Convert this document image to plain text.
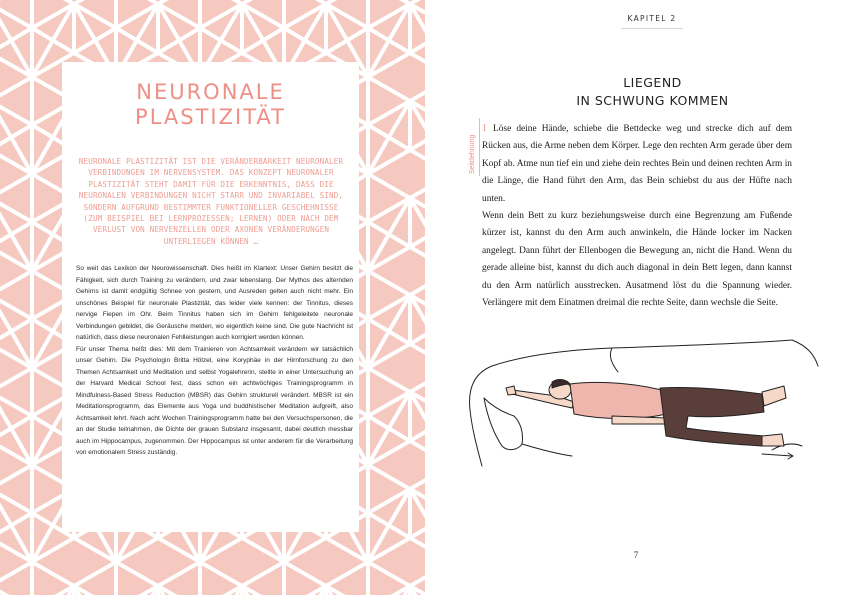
NEURONALE
PLASTIZITÄT
NEURONALE PLASTIZITÄT IST DIE VERÄNDERBARKEIT NEURONALER VERBINDUNGEN IM NERVENSYSTEM. DAS KONZEPT NEURONALER PLASTIZITÄT STEHT DAMIT FÜR DIE ERKENNTNIS, DASS DIE NEURONALEN VERBINDUNGEN NICHT STARR UND INVARIABEL SIND, SONDERN AUFGRUND BESTIMMTER FUNKTIONELLER GESCHEHNISSE (ZUM BEISPIEL BEI LERNPROZESSEN; LERNEN) ODER NACH DEM VERLUST VON NERVENZELLEN ODER AXONEN VERÄNDERUNGEN UNTERLIEGEN KÖNNEN …

So weit das Lexikon der Neurowissenschaft. Dies heißt im Klartext: Unser Gehirn besitzt die Fähigkeit, sich durch Training zu verändern, und zwar lebenslang. Der Mythos des alternden Gehirns ist damit endgültig Schnee von gestern, und Ausreden gelten auch nicht mehr. Ein unschönes Beispiel für neuronale Plastizität, das leider viele kennen: der Tinnitus, dieses nervige Fiepen im Ohr. Beim Tinnitus haben sich im Gehirn fehlgeleitete neuronale Verbindungen gebildet, die Geräusche melden, wo eigentlich keine sind. Die gute Nachricht ist natürlich, dass diese neuronalen Fehlleistungen auch korrigiert werden können.

Für unser Thema heißt dies: Mit dem Trainieren von Achtsamkeit verändern wir tatsächlich unser Gehirn. Die Psychologin Britta Hölzel, eine Koryphäe in der Hirnforschung zu den Themen Achtsamkeit und Meditation und selbst Yogalehrerin, stellte in einer Untersuchung an der Harvard Medical School fest, dass schon ein achtwöchiges Trainingsprogramm in Mindfulness-Based Stress Reduction (MBSR) das Gehirn strukturell verändert. MBSR ist ein Meditationsprogramm, das Elemente aus Yoga und buddhistischer Meditation aufgreift, also Achtsamkeit lehrt. Nach acht Wochen Trainingsprogramm hatte bei den Versuchspersonen, die an der Studie teilnahmen, die Dichte der grauen Substanz insgesamt, dabei deutlich messbar auch im Hippocampus, zugenommen. Der Hippocampus ist unter anderem für die Verarbeitung von emotionalem Stress zuständig.

KAPITEL 2
LIEGEND
IN SCHWUNG KOMMEN
Seitdehnung

1 Löse deine Hände, schiebe die Bettdecke weg und strecke dich auf dem Rücken aus, die Arme neben dem Körper. Lege den rechten Arm gerade über dem Kopf ab. Atme nun tief ein und ziehe dein rechtes Bein und deinen rechten Arm in die Länge, die Hand führt den Arm, das Bein schiebst du aus der Hüfte nach unten.

Wenn dein Bett zu kurz beziehungsweise durch eine Begrenzung am Fußende kürzer ist, kannst du den Arm auch anwinkeln, die Hände locker im Nacken angelegt. Dann führt der Ellenbogen die Bewegung an, nicht die Hand. Wenn du gerade alleine bist, kannst du dich auch diagonal in dein Bett legen, dann kannst du den Arm natürlich ausstrecken. Ausatmend löst du die Spannung wieder. Verlängere mit dem Einatmen dreimal die rechte Seite, dann wechsle die Seite.

7
